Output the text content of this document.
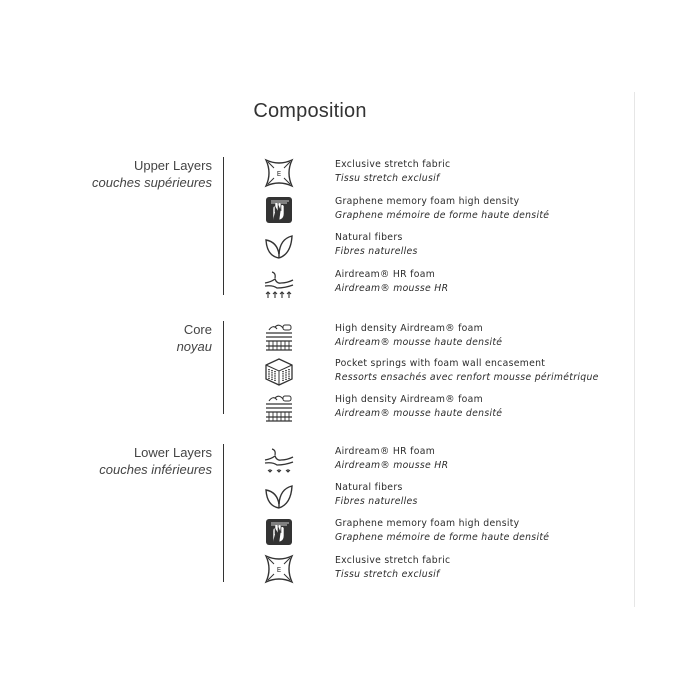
Composition
Upper Layers
couches supérieures
E
Exclusive stretch fabric
Tissu stretch exclusif
Graphene memory foam high density
Graphene mémoire de forme haute densité
Natural fibers
Fibres naturelles
Airdream® HR foam
Airdream® mousse HR
Core
noyau
High density Airdream® foam
Airdream® mousse haute densité
Pocket springs with foam wall encasement
Ressorts ensachés avec renfort mousse périmétrique
High density Airdream® foam
Airdream® mousse haute densité
Lower Layers
couches inférieures
Airdream® HR foam
Airdream® mousse HR
Natural fibers
Fibres naturelles
Graphene memory foam high density
Graphene mémoire de forme haute densité
E
Exclusive stretch fabric
Tissu stretch exclusif
